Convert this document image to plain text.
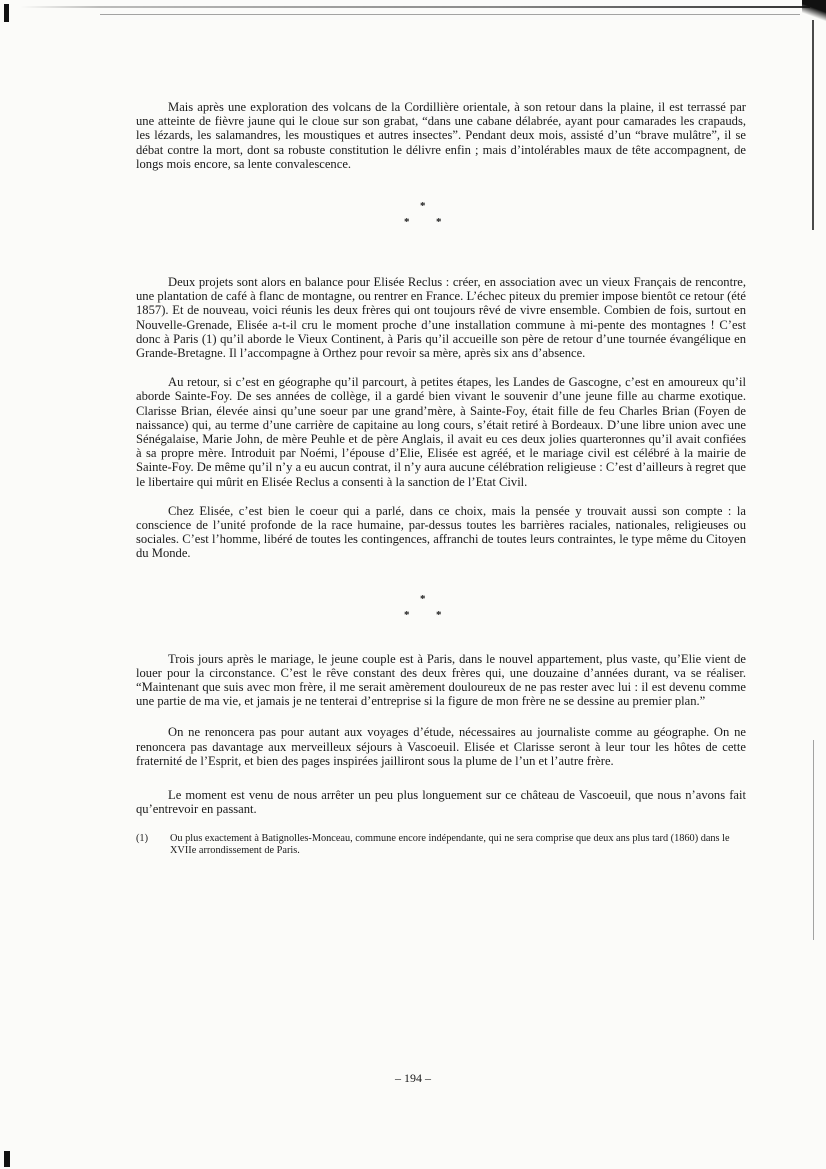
Mais après une exploration des volcans de la Cordillière orientale, à son retour dans la plaine, il est terrassé par une atteinte de fièvre jaune qui le cloue sur son grabat, “dans une cabane délabrée, ayant pour camarades les crapauds, les lézards, les salamandres, les moustiques et autres insectes”. Pendant deux mois, assisté d’un “brave mulâtre”, il se débat contre la mort, dont sa robuste constitution le délivre enfin ; mais d’intolérables maux de tête accompagnent, de longs mois encore, sa lente convalescence.

*
* *

Deux projets sont alors en balance pour Elisée Reclus : créer, en association avec un vieux Français de rencontre, une plantation de café à flanc de montagne, ou rentrer en France. L’échec piteux du premier impose bientôt ce retour (été 1857). Et de nouveau, voici réunis les deux frères qui ont toujours rêvé de vivre ensemble. Combien de fois, surtout en Nouvelle-Grenade, Elisée a-t-il cru le moment proche d’une installation commune à mi-pente des montagnes ! C’est donc à Paris (1) qu’il aborde le Vieux Continent, à Paris qu’il accueille son père de retour d’une tournée évangélique en Grande-Bretagne. Il l’accompagne à Orthez pour revoir sa mère, après six ans d’absence.

Au retour, si c’est en géographe qu’il parcourt, à petites étapes, les Landes de Gascogne, c’est en amoureux qu’il aborde Sainte-Foy. De ses années de collège, il a gardé bien vivant le souvenir d’une jeune fille au charme exotique. Clarisse Brian, élevée ainsi qu’une soeur par une grand’mère, à Sainte-Foy, était fille de feu Charles Brian (Foyen de naissance) qui, au terme d’une carrière de capitaine au long cours, s’était retiré à Bordeaux. D’une libre union avec une Sénégalaise, Marie John, de mère Peuhle et de père Anglais, il avait eu ces deux jolies quarteronnes qu’il avait confiées à sa propre mère. Introduit par Noémi, l’épouse d’Elie, Elisée est agréé, et le mariage civil est célébré à la mairie de Sainte-Foy. De même qu’il n’y a eu aucun contrat, il n’y aura aucune célébration religieuse : C’est d’ailleurs à regret que le libertaire qui mûrit en Elisée Reclus a consenti à la sanction de l’Etat Civil.

Chez Elisée, c’est bien le coeur qui a parlé, dans ce choix, mais la pensée y trouvait aussi son compte : la conscience de l’unité profonde de la race humaine, par-dessus toutes les barrières raciales, nationales, religieuses ou sociales. C’est l’homme, libéré de toutes les contingences, affranchi de toutes leurs contraintes, le type même du Citoyen du Monde.

*
* *

Trois jours après le mariage, le jeune couple est à Paris, dans le nouvel appartement, plus vaste, qu’Elie vient de louer pour la circonstance. C’est le rêve constant des deux frères qui, une douzaine d’années durant, va se réaliser. “Maintenant que suis avec mon frère, il me serait amèrement douloureux de ne pas rester avec lui : il est devenu comme une partie de ma vie, et jamais je ne tenterai d’entreprise si la figure de mon frère ne se dessine au premier plan.”

On ne renoncera pas pour autant aux voyages d’étude, nécessaires au journaliste comme au géographe. On ne renoncera pas davantage aux merveilleux séjours à Vascoeuil. Elisée et Clarisse seront à leur tour les hôtes de cette fraternité de l’Esprit, et bien des pages inspirées jailliront sous la plume de l’un et l’autre frère.

Le moment est venu de nous arrêter un peu plus longuement sur ce château de Vascoeuil, que nous n’avons fait qu’entrevoir en passant.

(1)	Ou plus exactement à Batignolles-Monceau, commune encore indépendante, qui ne sera comprise que deux ans plus tard (1860) dans le XVIIe arrondissement de Paris.
– 194 –
